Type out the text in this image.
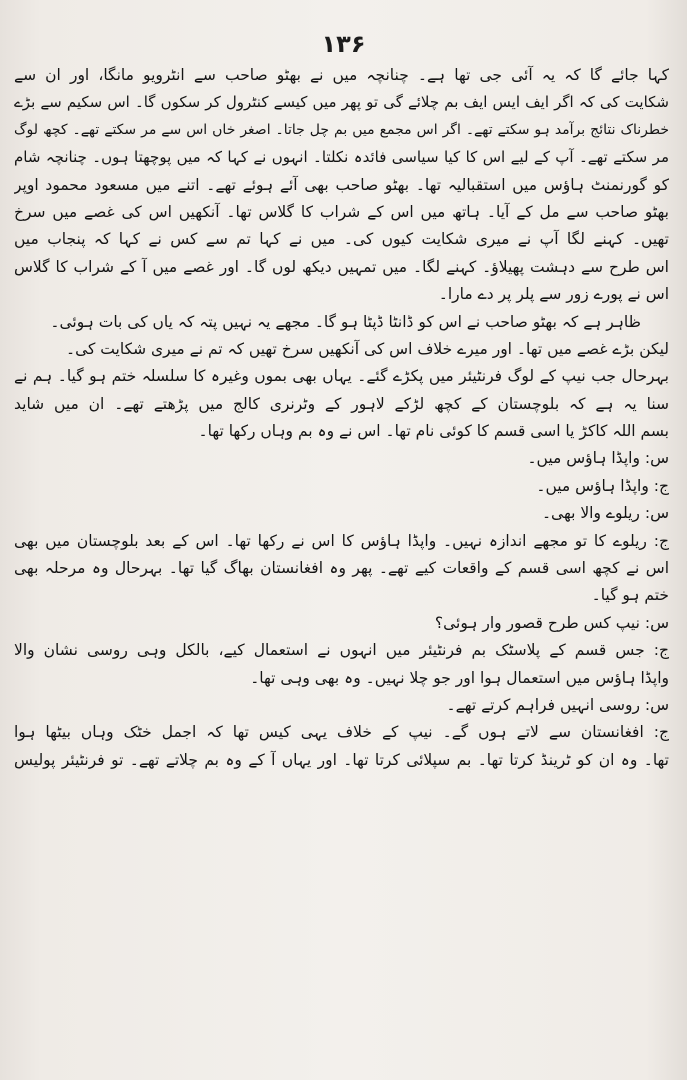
۱۳۶
کہا جائے گا کہ یہ آئی جی تھا ہے۔ چنانچہ میں نے بھٹو صاحب سے انٹرویو مانگا، اور ان سے
شکایت کی کہ اگر ایف ایس ایف بم چلائے گی تو پھر میں کیسے کنٹرول کر سکوں گا۔ اس سکیم سے بڑے
خطرناک نتائج برآمد ہو سکتے تھے۔ اگر اس مجمع میں بم چل جاتا۔ اصغر خاں اس سے مر سکتے تھے۔ کچھ لوگ
مر سکتے تھے۔ آپ کے لیے اس کا کیا سیاسی فائدہ نکلتا۔ انہوں نے کہا کہ میں پوچھتا ہوں۔ چنانچہ شام
کو گورنمنٹ ہاؤس میں استقبالیہ تھا۔ بھٹو صاحب بھی آئے ہوئے تھے۔ اتنے میں مسعود محمود اوپر
بھٹو صاحب سے مل کے آیا۔ ہاتھ میں اس کے شراب کا گلاس تھا۔ آنکھیں اس کی غصے میں سرخ
تھیں۔ کہنے لگا آپ نے میری شکایت کیوں کی۔ میں نے کہا تم سے کس نے کہا کہ پنجاب میں
اس طرح سے دہشت پھیلاؤ۔ کہنے لگا۔ میں تمہیں دیکھ لوں گا۔ اور غصے میں آ کے شراب کا گلاس
اس نے پورے زور سے پلر پر دے مارا۔
ظاہر ہے کہ بھٹو صاحب نے اس کو ڈانٹا ڈپٹا ہو گا۔ مجھے یہ نہیں پتہ کہ یاں کی بات ہوئی۔
لیکن بڑے غصے میں تھا۔ اور میرے خلاف اس کی آنکھیں سرخ تھیں کہ تم نے میری شکایت کی۔
بہرحال جب نیپ کے لوگ فرنٹیئر میں پکڑے گئے۔ یہاں بھی بموں وغیرہ کا سلسلہ ختم ہو گیا۔ ہم نے
سنا یہ ہے کہ بلوچستان کے کچھ لڑکے لاہور کے وٹرنری کالج میں پڑھتے تھے۔ ان میں شاید
بسم اللہ کاکڑ یا اسی قسم کا کوئی نام تھا۔ اس نے وہ بم وہاں رکھا تھا۔
س: واپڈا ہاؤس میں۔
ج: واپڈا ہاؤس میں۔
س: ریلوے والا بھی۔
ج: ریلوے کا تو مجھے اندازہ نہیں۔ واپڈا ہاؤس کا اس نے رکھا تھا۔ اس کے بعد بلوچستان میں بھی
اس نے کچھ اسی قسم کے واقعات کیے تھے۔ پھر وہ افغانستان بھاگ گیا تھا۔ بہرحال وہ مرحلہ بھی
ختم ہو گیا۔
س: نیپ کس طرح قصور وار ہوئی؟
ج: جس قسم کے پلاسٹک بم فرنٹیئر میں انہوں نے استعمال کیے، بالکل وہی روسی نشان والا
واپڈا ہاؤس میں استعمال ہوا اور جو چلا نہیں۔ وہ بھی وہی تھا۔
س: روسی انہیں فراہم کرتے تھے۔
ج: افغانستان سے لاتے ہوں گے۔ نیپ کے خلاف یہی کیس تھا کہ اجمل خٹک وہاں بیٹھا ہوا
تھا۔ وہ ان کو ٹرینڈ کرتا تھا۔ بم سپلائی کرتا تھا۔ اور یہاں آ کے وہ بم چلاتے تھے۔ تو فرنٹیئر پولیس
